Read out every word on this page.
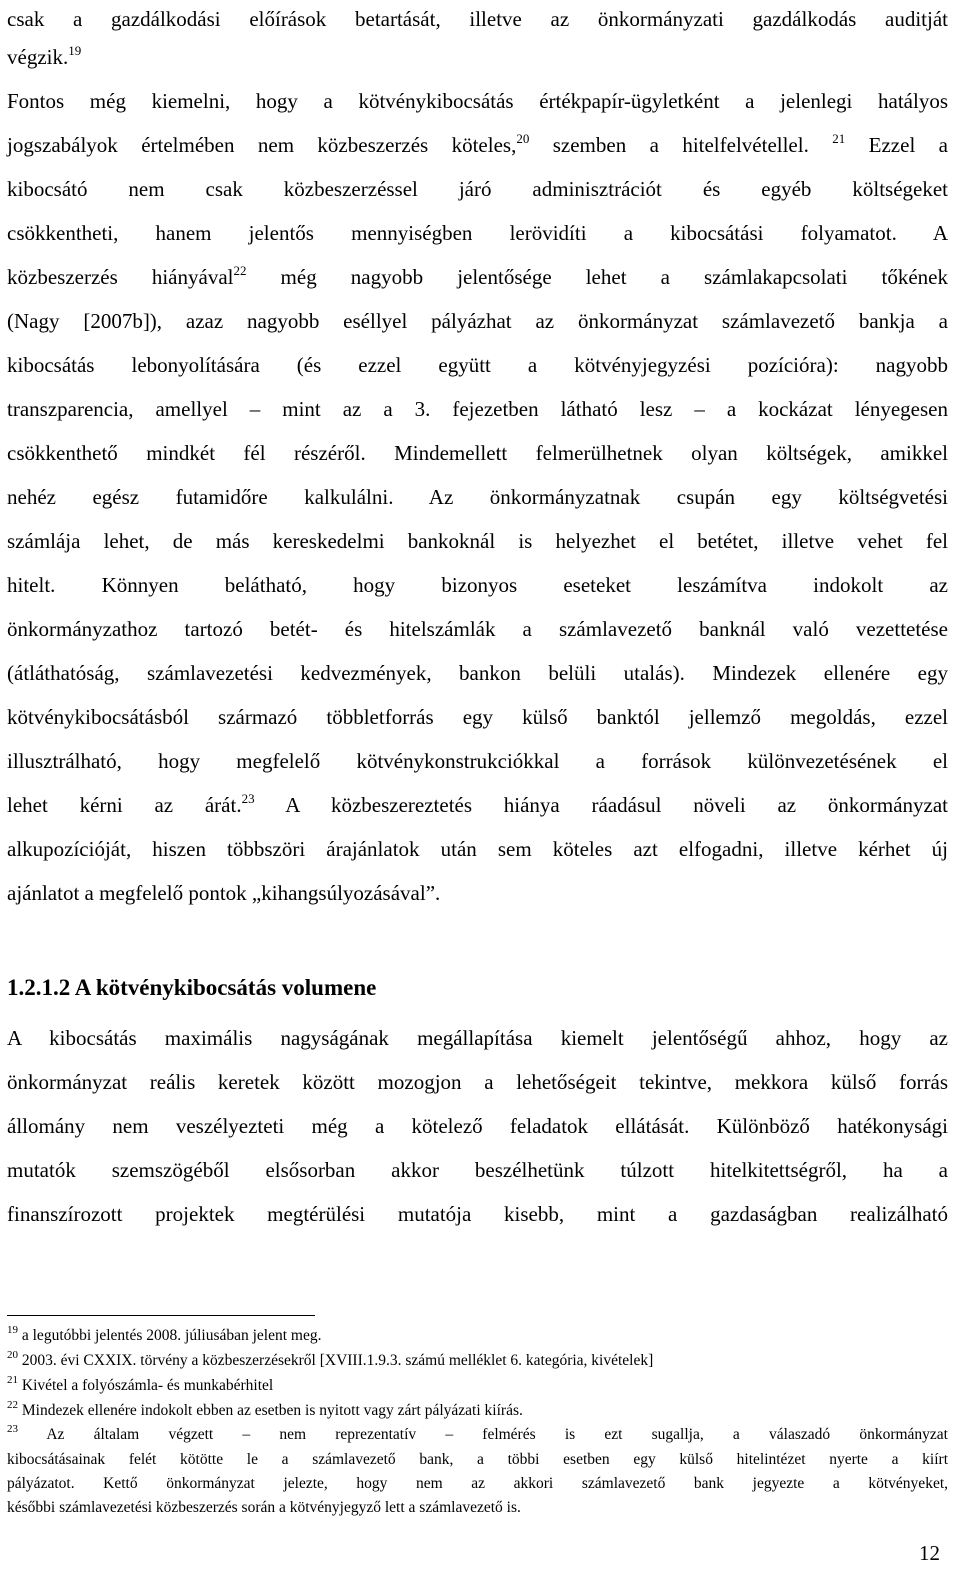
csak a gazdálkodási előírások betartását, illetve az önkormányzati gazdálkodás auditját
végzik.$^{19}$
Fontos még kiemelni, hogy a kötvénykibocsátás értékpapír-ügyletként a jelenlegi hatályos
jogszabályok értelmében nem közbeszerzés köteles,$^{20}$ szemben a hitelfelvétellel. $^{21}$ Ezzel a
kibocsátó nem csak közbeszerzéssel járó adminisztrációt és egyéb költségeket
csökkentheti, hanem jelentős mennyiségben lerövidíti a kibocsátási folyamatot. A
közbeszerzés hiányával$^{22}$ még nagyobb jelentősége lehet a számlakapcsolati tőkének
(Nagy [2007b]), azaz nagyobb eséllyel pályázhat az önkormányzat számlavezető bankja a
kibocsátás lebonyolítására (és ezzel együtt a kötvényjegyzési pozícióra): nagyobb
transzparencia, amellyel – mint az a 3. fejezetben látható lesz – a kockázat lényegesen
csökkenthető mindkét fél részéről. Mindemellett felmerülhetnek olyan költségek, amikkel
nehéz egész futamidőre kalkulálni. Az önkormányzatnak csupán egy költségvetési
számlája lehet, de más kereskedelmi bankoknál is helyezhet el betétet, illetve vehet fel
hitelt. Könnyen belátható, hogy bizonyos eseteket leszámítva indokolt az
önkormányzathoz tartozó betét- és hitelszámlák a számlavezető banknál való vezettetése
(átláthatóság, számlavezetési kedvezmények, bankon belüli utalás). Mindezek ellenére egy
kötvénykibocsátásból származó többletforrás egy külső banktól jellemző megoldás, ezzel
illusztrálható, hogy megfelelő kötvénykonstrukciókkal a források különvezetésének el
lehet kérni az árát.$^{23}$ A közbeszereztetés hiánya ráadásul növeli az önkormányzat
alkupozícióját, hiszen többszöri árajánlatok után sem köteles azt elfogadni, illetve kérhet új
ajánlatot a megfelelő pontok „kihangsúlyozásával”.
1.2.1.2 A kötvénykibocsátás volumene
A kibocsátás maximális nagyságának megállapítása kiemelt jelentőségű ahhoz, hogy az
önkormányzat reális keretek között mozogjon a lehetőségeit tekintve, mekkora külső forrás
állomány nem veszélyezteti még a kötelező feladatok ellátását. Különböző hatékonysági
mutatók szemszögéből elsősorban akkor beszélhetünk túlzott hitelkitettségről, ha a
finanszírozott projektek megtérülési mutatója kisebb, mint a gazdaságban realizálható
$^{19}$ a legutóbbi jelentés 2008. júliusában jelent meg.
$^{20}$ 2003. évi CXXIX. törvény a közbeszerzésekről [XVIII.1.9.3. számú melléklet 6. kategória, kivételek]
$^{21}$ Kivétel a folyószámla- és munkabérhitel
$^{22}$ Mindezek ellenére indokolt ebben az esetben is nyitott vagy zárt pályázati kiírás.
$^{23}$ Az általam végzett – nem reprezentatív – felmérés is ezt sugallja, a válaszadó önkormányzat
kibocsátásainak felét kötötte le a számlavezető bank, a többi esetben egy külső hitelintézet nyerte a kiírt
pályázatot. Kettő önkormányzat jelezte, hogy nem az akkori számlavezető bank jegyezte a kötvényeket,
későbbi számlavezetési közbeszerzés során a kötvényjegyző lett a számlavezető is.
12
